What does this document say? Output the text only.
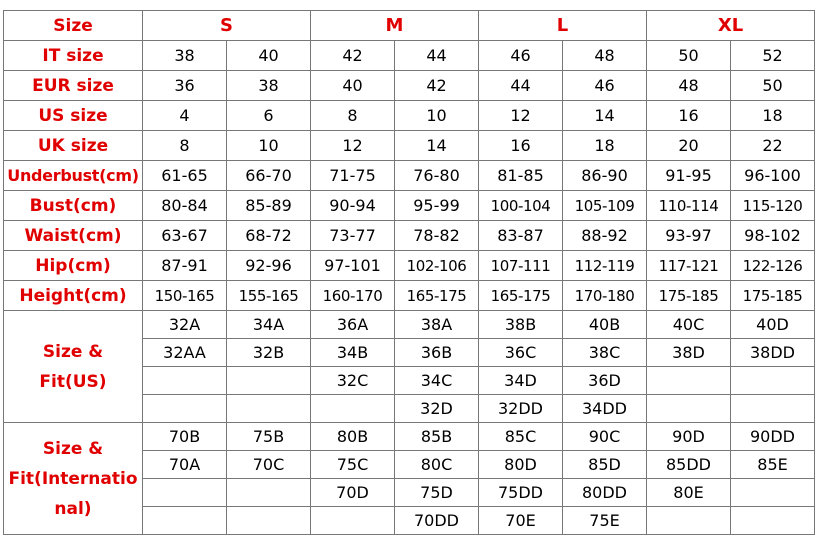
Size	S		M		L		XL	
IT size	38	40	42	44	46	48	50	52
EUR size	36	38	40	42	44	46	48	50
US size	4	6	8	10	12	14	16	18
UK size	8	10	12	14	16	18	20	22
Underbust(cm)	61-65	66-70	71-75	76-80	81-85	86-90	91-95	96-100
Bust(cm)	80-84	85-89	90-94	95-99	100-104	105-109	110-114	115-120
Waist(cm)	63-67	68-72	73-77	78-82	83-87	88-92	93-97	98-102
Hip(cm)	87-91	92-96	97-101	102-106	107-111	112-119	117-121	122-126
Height(cm)	150-165	155-165	160-170	165-175	165-175	170-180	175-185	175-185

Size &
Fit(US)	32A	34A	36A	38A	38B	40B	40C	40D
	32AA	32B	34B	36B	36C	38C	38D	38DD
			32C	34C	34D	36D		
				32D	32DD	34DD		

Size &
Fit(Internatio
nal)	70B	75B	80B	85B	85C	90C	90D	90DD
	70A	70C	75C	80C	80D	85D	85DD	85E
			70D	75D	75DD	80DD	80E	
				70DD	70E	75E		
